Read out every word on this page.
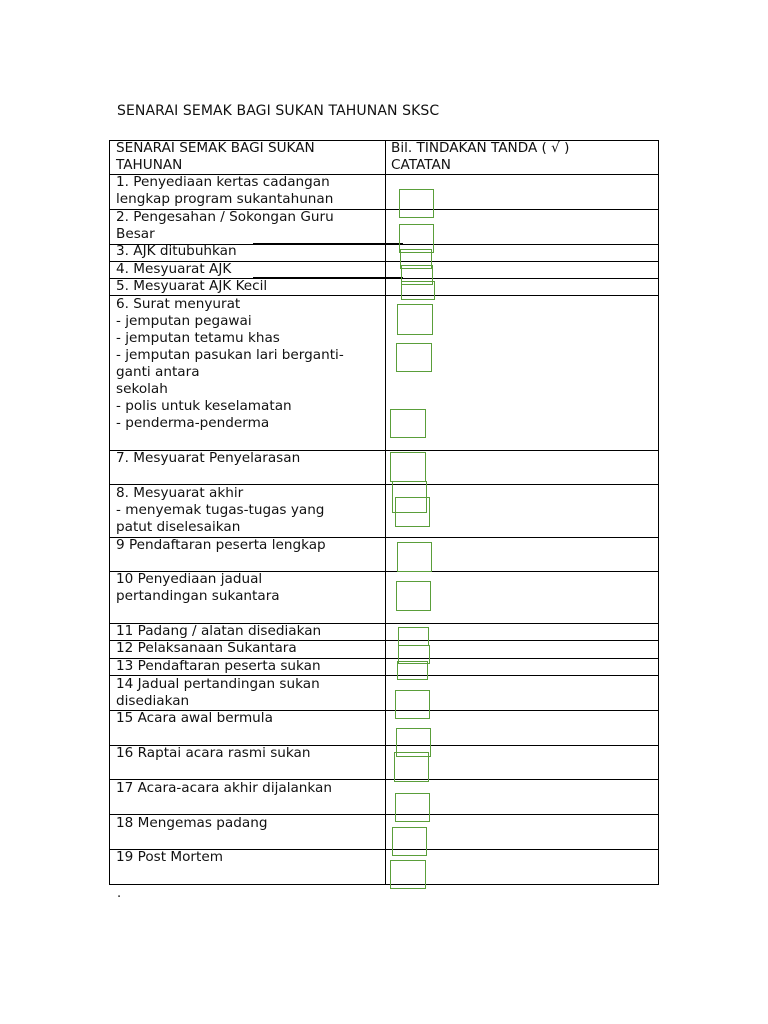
SENARAI SEMAK BAGI SUKAN TAHUNAN SKSC
SENARAI SEMAK BAGI SUKAN
TAHUNAN
Bil. TINDAKAN TANDA ( √ )
CATATAN
1. Penyediaan kertas cadangan
lengkap program sukantahunan
2. Pengesahan / Sokongan Guru
Besar
3. AJK ditubuhkan
4. Mesyuarat AJK
5. Mesyuarat AJK Kecil
6. Surat menyurat
- jemputan pegawai
- jemputan tetamu khas
- jemputan pasukan lari berganti-
ganti antara
sekolah
- polis untuk keselamatan
- penderma-penderma
7. Mesyuarat Penyelarasan
8. Mesyuarat akhir
- menyemak tugas-tugas yang
patut diselesaikan
9 Pendaftaran peserta lengkap
10 Penyediaan jadual
pertandingan sukantara
11 Padang / alatan disediakan
12 Pelaksanaan Sukantara
13 Pendaftaran peserta sukan
14 Jadual pertandingan sukan
disediakan
15 Acara awal bermula
16 Raptai acara rasmi sukan
17 Acara-acara akhir dijalankan
18 Mengemas padang
19 Post Mortem
.
